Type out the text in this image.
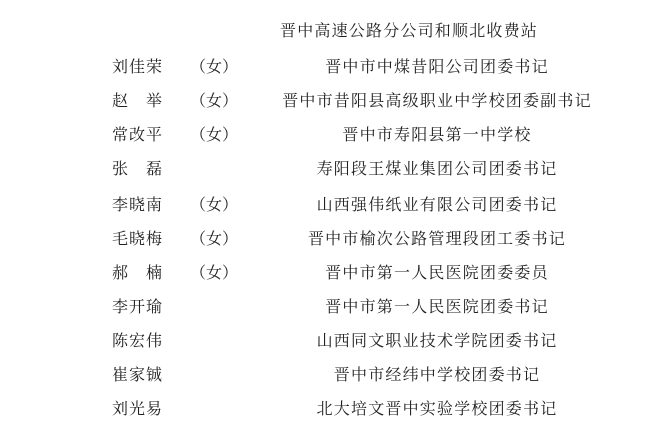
晋中高速公路分公司和顺北收费站
刘佳荣	（女）	晋中市中煤昔阳公司团委书记
赵　举	（女）	晋中市昔阳县高级职业中学校团委副书记
常改平	（女）	晋中市寿阳县第一中学校
张　磊	寿阳段王煤业集团公司团委书记
李晓南	（女）	山西强伟纸业有限公司团委书记
毛晓梅	（女）	晋中市榆次公路管理段团工委书记
郝　楠	（女）	晋中市第一人民医院团委委员
李开瑜	晋中市第一人民医院团委书记
陈宏伟	山西同文职业技术学院团委书记
崔家铖	晋中市经纬中学校团委书记
刘光易	北大培文晋中实验学校团委书记
